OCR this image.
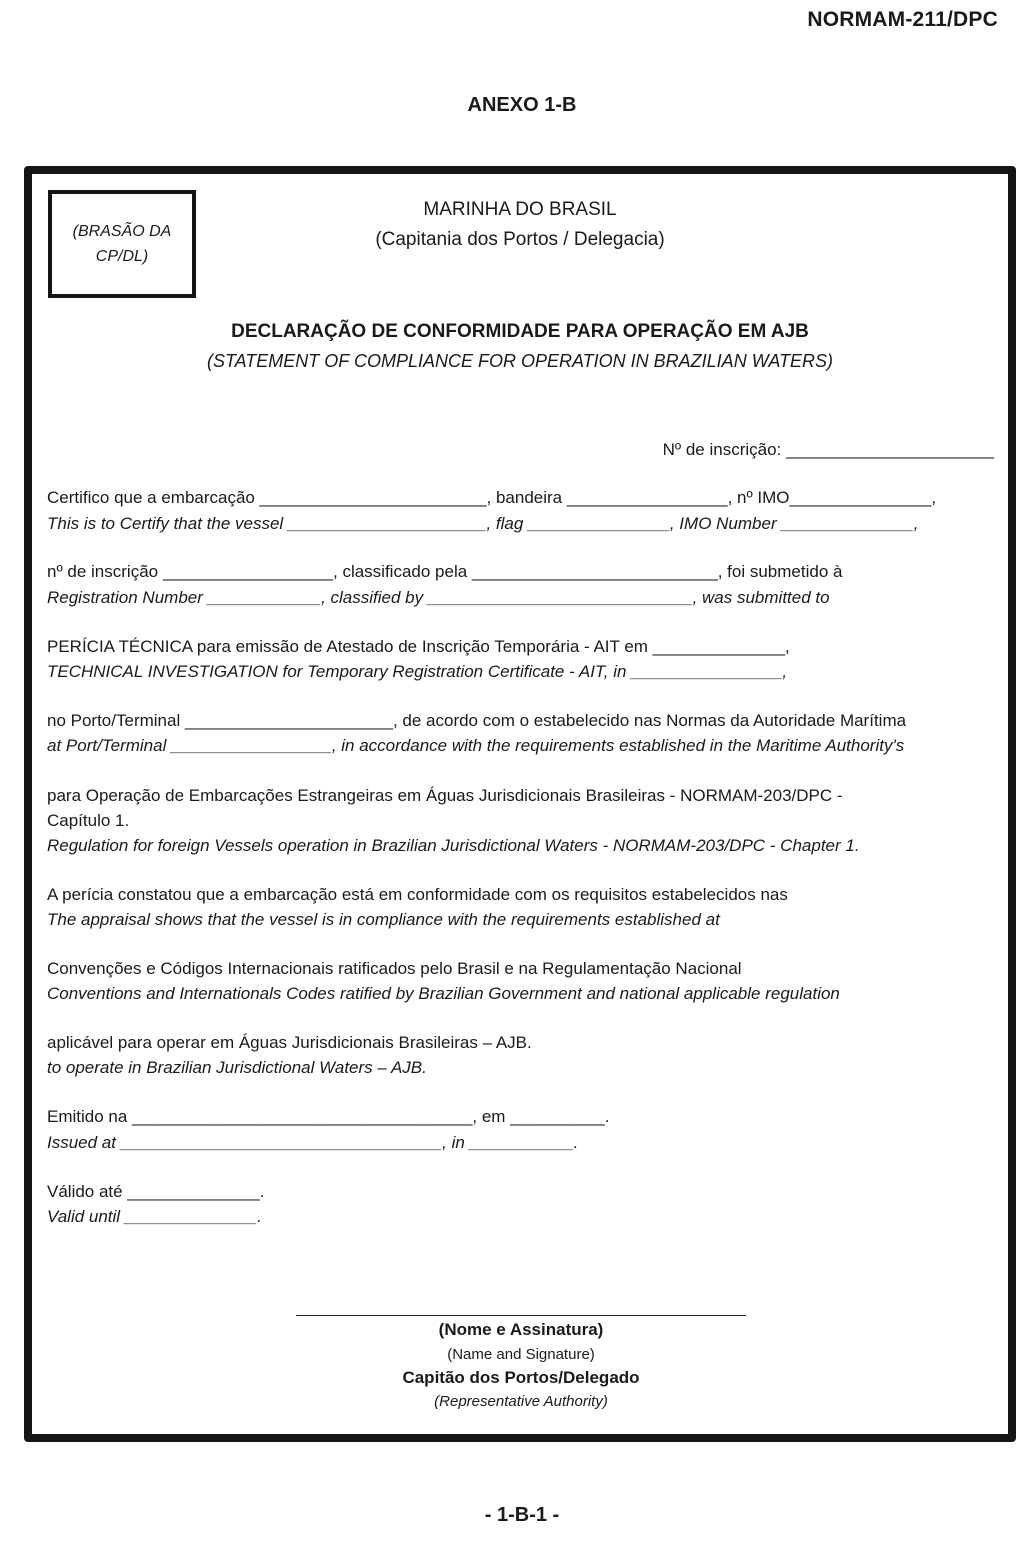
NORMAM-211/DPC
ANEXO 1-B
(BRASÃO DA
CP/DL)
MARINHA DO BRASIL
(Capitania dos Portos / Delegacia)
DECLARAÇÃO DE CONFORMIDADE PARA OPERAÇÃO EM AJB
(STATEMENT OF COMPLIANCE FOR OPERATION IN BRAZILIAN WATERS)
Nº de inscrição: ______________________
Certifico que a embarcação ________________________, bandeira _________________, nº IMO_______________,
This is to Certify that the vessel _____________________, flag _______________, IMO Number ______________,
nº de inscrição __________________, classificado pela __________________________, foi submetido à
Registration Number ____________, classified by ____________________________, was submitted to
PERÍCIA TÉCNICA para emissão de Atestado de Inscrição Temporária - AIT em ______________,
TECHNICAL INVESTIGATION for Temporary Registration Certificate - AIT, in ________________,
no Porto/Terminal ______________________, de acordo com o estabelecido nas Normas da Autoridade Marítima
at Port/Terminal _________________, in accordance with the requirements established in the Maritime Authority's
para Operação de Embarcações Estrangeiras em Águas Jurisdicionais Brasileiras - NORMAM-203/DPC -
Capítulo 1.
Regulation for foreign Vessels operation in Brazilian Jurisdictional Waters - NORMAM-203/DPC - Chapter 1.
A perícia constatou que a embarcação está em conformidade com os requisitos estabelecidos nas
The appraisal shows that the vessel is in compliance with the requirements established at
Convenções e Códigos Internacionais ratificados pelo Brasil e na Regulamentação Nacional
Conventions and Internationals Codes ratified by Brazilian Government and national applicable regulation
aplicável para operar em Águas Jurisdicionais Brasileiras – AJB.
to operate in Brazilian Jurisdictional Waters – AJB.
Emitido na ____________________________________, em __________.
Issued at __________________________________, in ___________.
Válido até ______________.
Valid until ______________.
(Nome e Assinatura)
(Name and Signature)
Capitão dos Portos/Delegado
(Representative Authority)
- 1-B-1 -
